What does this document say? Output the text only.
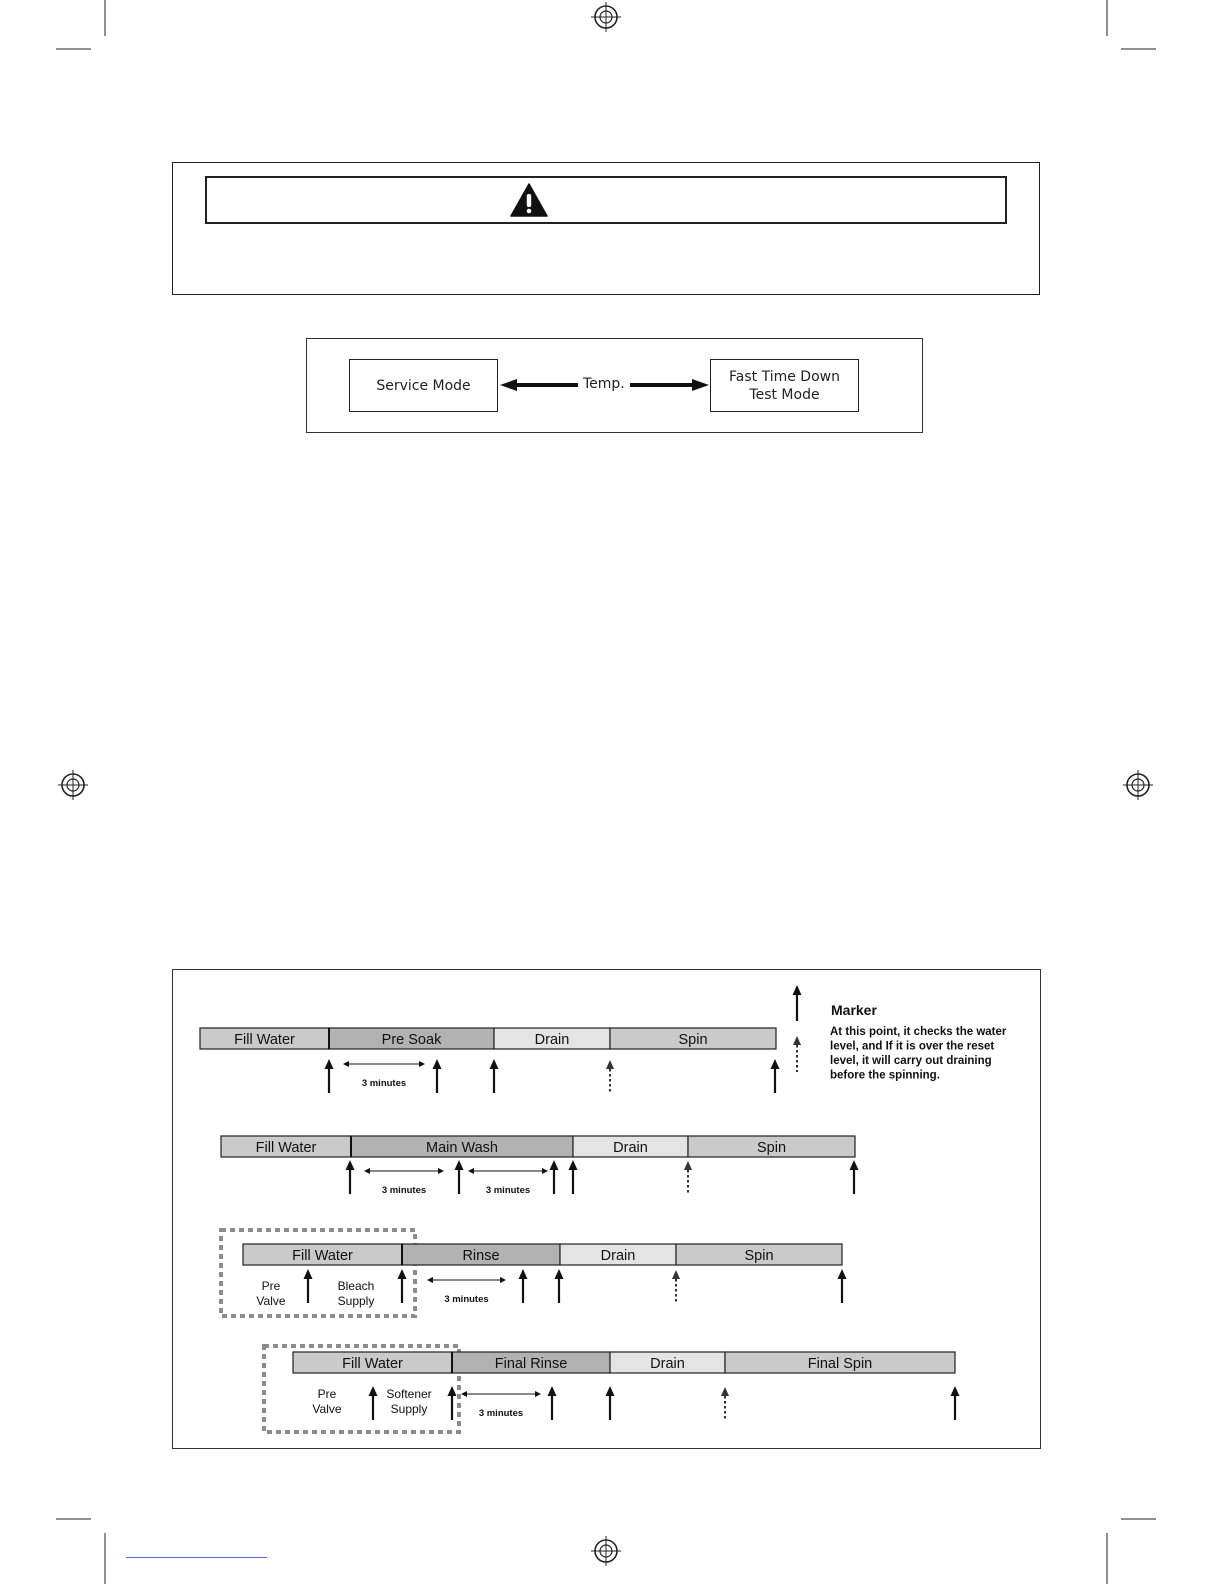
Service Mode
Fast Time Down
Test Mode
Temp.
Fill Water	Pre Soak	Drain	Spin
3 minutes
Fill Water	Main Wash	Drain	Spin
3 minutes	3 minutes
Fill Water	Rinse	Drain	Spin
3 minutes
Pre
Valve
Bleach
Supply
Fill Water	Final Rinse	Drain	Final Spin
3 minutes
Pre
Valve
Softener
Supply
Marker
At this point, it checks the water
level, and If it is over the reset
level, it will carry out draining
before the spinning.
